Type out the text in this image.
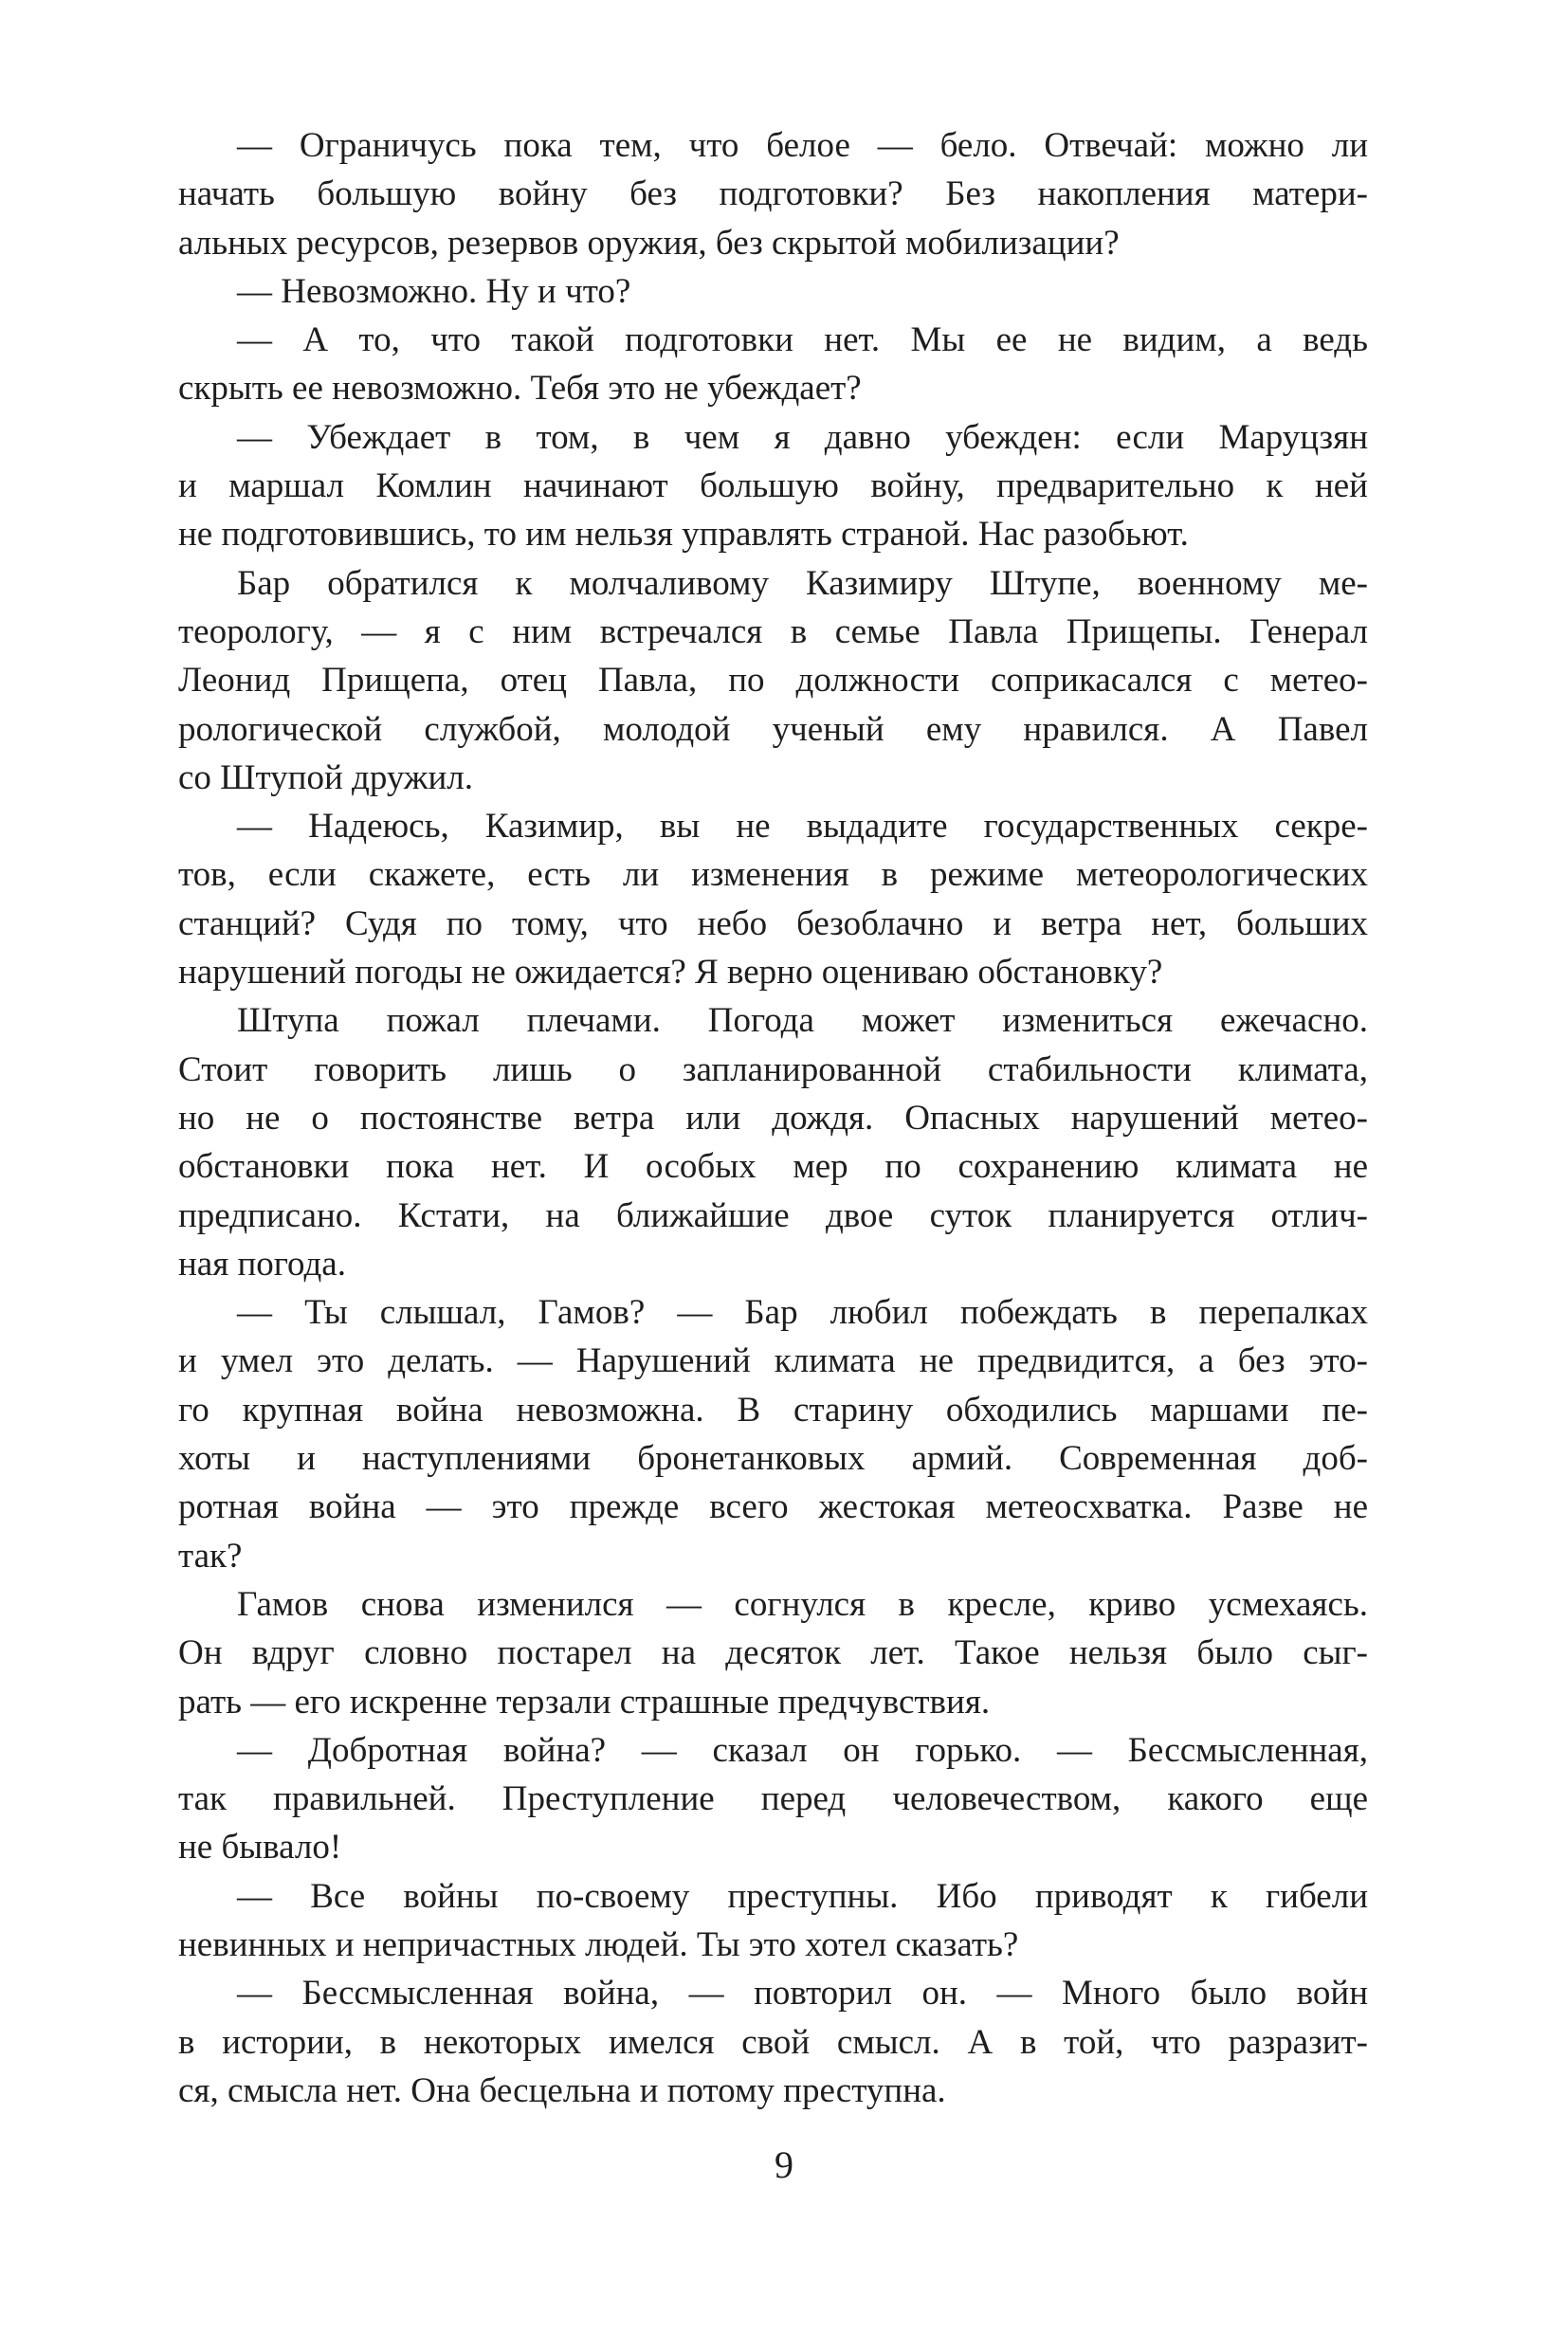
— Ограничусь пока тем, что белое — бело. Отвечай: можно ли
начать большую войну без подготовки? Без накопления матери-
альных ресурсов, резервов оружия, без скрытой мобилизации?
— Невозможно. Ну и что?
— А то, что такой подготовки нет. Мы ее не видим, а ведь
скрыть ее невозможно. Тебя это не убеждает?
— Убеждает в том, в чем я давно убежден: если Маруцзян
и маршал Комлин начинают большую войну, предварительно к ней
не подготовившись, то им нельзя управлять страной. Нас разобьют.
Бар обратился к молчаливому Казимиру Штупе, военному ме-
теорологу, — я с ним встречался в семье Павла Прищепы. Генерал
Леонид Прищепа, отец Павла, по должности соприкасался с метео-
рологической службой, молодой ученый ему нравился. А Павел
со Штупой дружил.
— Надеюсь, Казимир, вы не выдадите государственных секре-
тов, если скажете, есть ли изменения в режиме метеорологических
станций? Судя по тому, что небо безоблачно и ветра нет, больших
нарушений погоды не ожидается? Я верно оцениваю обстановку?
Штупа пожал плечами. Погода может измениться ежечасно.
Стоит говорить лишь о запланированной стабильности климата,
но не о постоянстве ветра или дождя. Опасных нарушений метео-
обстановки пока нет. И особых мер по сохранению климата не
предписано. Кстати, на ближайшие двое суток планируется отлич-
ная погода.
— Ты слышал, Гамов? — Бар любил побеждать в перепалках
и умел это делать. — Нарушений климата не предвидится, а без это-
го крупная война невозможна. В старину обходились маршами пе-
хоты и наступлениями бронетанковых армий. Современная доб-
ротная война — это прежде всего жестокая метеосхватка. Разве не
так?
Гамов снова изменился — согнулся в кресле, криво усмехаясь.
Он вдруг словно постарел на десяток лет. Такое нельзя было сыг-
рать — его искренне терзали страшные предчувствия.
— Добротная война? — сказал он горько. — Бессмысленная,
так правильней. Преступление перед человечеством, какого еще
не бывало!
— Все войны по-своему преступны. Ибо приводят к гибели
невинных и непричастных людей. Ты это хотел сказать?
— Бессмысленная война, — повторил он. — Много было войн
в истории, в некоторых имелся свой смысл. А в той, что разразит-
ся, смысла нет. Она бесцельна и потому преступна.
9
